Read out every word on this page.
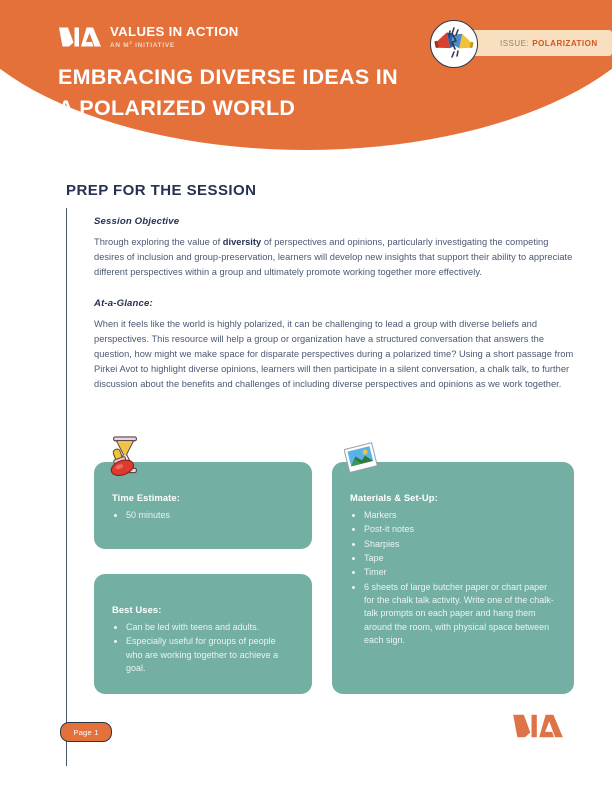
VALUES IN ACTION
AN $M^2$ INITIATIVE
EMBRACING DIVERSE IDEAS IN
A POLARIZED WORLD
ISSUE: POLARIZATION
PREP FOR THE SESSION

Session Objective

Through exploring the value of diversity of perspectives and opinions, particularly investigating the competing desires of inclusion and group-preservation, learners will develop new insights that support their ability to appreciate different perspectives within a group and ultimately promote working together more effectively.

At-a-Glance:

When it feels like the world is highly polarized, it can be challenging to lead a group with diverse beliefs and perspectives. This resource will help a group or organization have a structured conversation that answers the question, how might we make space for disparate perspectives during a polarized time? Using a short passage from Pirkei Avot to highlight diverse opinions, learners will then participate in a silent conversation, a chalk talk, to further discussion about the benefits and challenges of including diverse perspectives and opinions as we work together.

Time Estimate:
• 50 minutes
Best Uses:
• Can be led with teens and adults.
• Especially useful for groups of people who are working together to achieve a goal.
Materials & Set-Up:
• Markers
• Post-it notes
• Sharpies
• Tape
• Timer
• 6 sheets of large butcher paper or chart paper for the chalk talk activity. Write one of the chalk-talk prompts on each paper and hang them around the room, with physical space between each sign.
Page 1
